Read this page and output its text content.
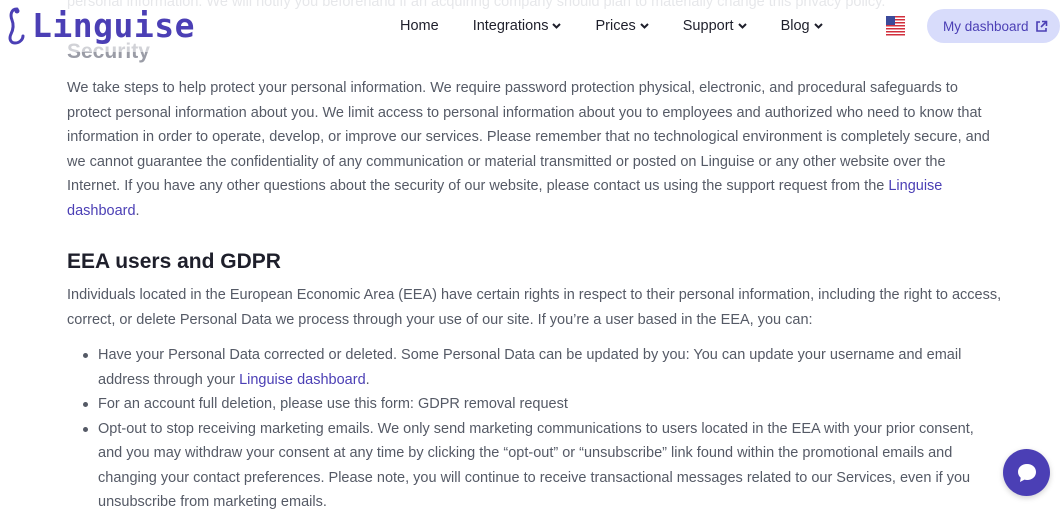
We take steps to help protect your personal information. We require password protection physical, electronic, and procedural safeguards to protect personal information about you. We limit access to personal information about you to employees and authorized who need to know that information in order to operate, develop, or improve our services. Please remember that no technological environment is completely secure, and we cannot guarantee the confidentiality of any communication or material transmitted or posted on Linguise or any other website over the Internet. If you have any other questions about the security of our website, please contact us using the support request from the Linguise dashboard.

EEA users and GDPR

Individuals located in the European Economic Area (EEA) have certain rights in respect to their personal information, including the right to access, correct, or delete Personal Data we process through your use of our site. If you’re a user based in the EEA, you can:

Have your Personal Data corrected or deleted. Some Personal Data can be updated by you: You can update your username and email address through your Linguise dashboard.
For an account full deletion, please use this form: GDPR removal request
Opt-out to stop receiving marketing emails. We only send marketing communications to users located in the EEA with your prior consent, and you may withdraw your consent at any time by clicking the “opt-out” or “unsubscribe” link found within the promotional emails and changing your contact preferences. Please note, you will continue to receive transactional messages related to our Services, even if you unsubscribe from marketing emails.
Linguise	Home Integrations	Prices	Support	Blog	My dashboard
